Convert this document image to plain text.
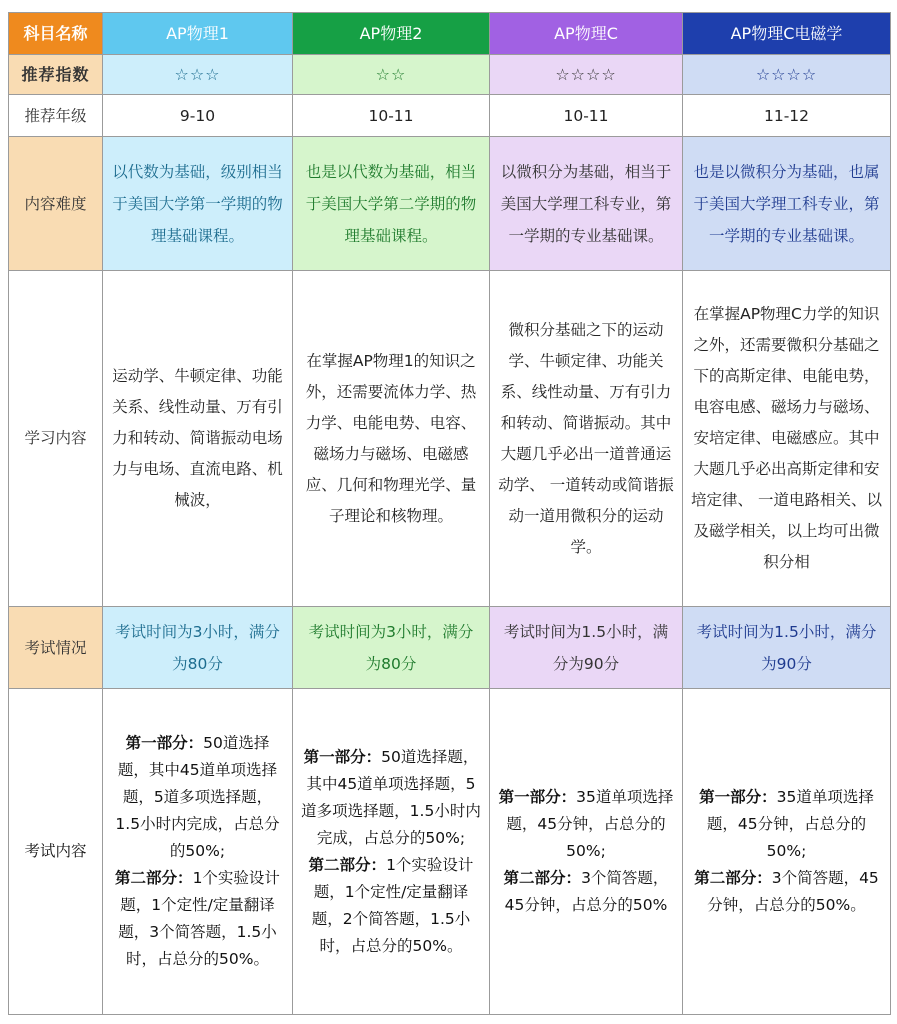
科目名称	AP物理1	AP物理2	AP物理C	AP物理C电磁学
推荐指数	☆☆☆	☆☆	☆☆☆☆	☆☆☆☆
推荐年级	9-10	10-11	10-11	11-12
内容难度	以代数为基础，级别相当于美国大学第一学期的物理基础课程。	也是以代数为基础，相当于美国大学第二学期的物理基础课程。	以微积分为基础，相当于美国大学理工科专业，第一学期的专业基础课。	也是以微积分为基础，也属于美国大学理工科专业，第一学期的专业基础课。
学习内容	运动学、牛顿定律、功能关系、线性动量、万有引力和转动、简谐振动电场力与电场、直流电路、机械波，	在掌握AP物理1的知识之外，还需要流体力学、热力学、电能电势、电容、磁场力与磁场、电磁感应、几何和物理光学、量子理论和核物理。	微积分基础之下的运动学、牛顿定律、功能关系、线性动量、万有引力和转动、简谐振动。其中大题几乎必出一道普通运动学、 一道转动或简谐振动一道用微积分的运动学。	在掌握AP物理C力学的知识之外，还需要微积分基础之下的高斯定律、电能电势，电容电感、磁场力与磁场、安培定律、电磁感应。其中大题几乎必出高斯定律和安培定律、 一道电路相关、以及磁学相关，以上均可出微积分相
考试情况	考试时间为3小时，满分为80分	考试时间为3小时，满分为80分	考试时间为1.5小时，满分为90分	考试时间为1.5小时，满分为90分
考试内容	第一部分：50道选择题，其中45道单项选择题，5道多项选择题，1.5小时内完成，占总分的50%;
第二部分：1个实验设计题，1个定性/定量翻译题，3个简答题，1.5小时，占总分的50%。	第一部分：50道选择题，其中45道单项选择题，5道多项选择题，1.5小时内完成，占总分的50%;
第二部分：1个实验设计题，1个定性/定量翻译题，2个简答题，1.5小时，占总分的50%。	第一部分：35道单项选择题，45分钟，占总分的50%;
第二部分：3个简答题，45分钟，占总分的50%	第一部分：35道单项选择题，45分钟，占总分的50%;
第二部分：3个简答题，45分钟，占总分的50%。
